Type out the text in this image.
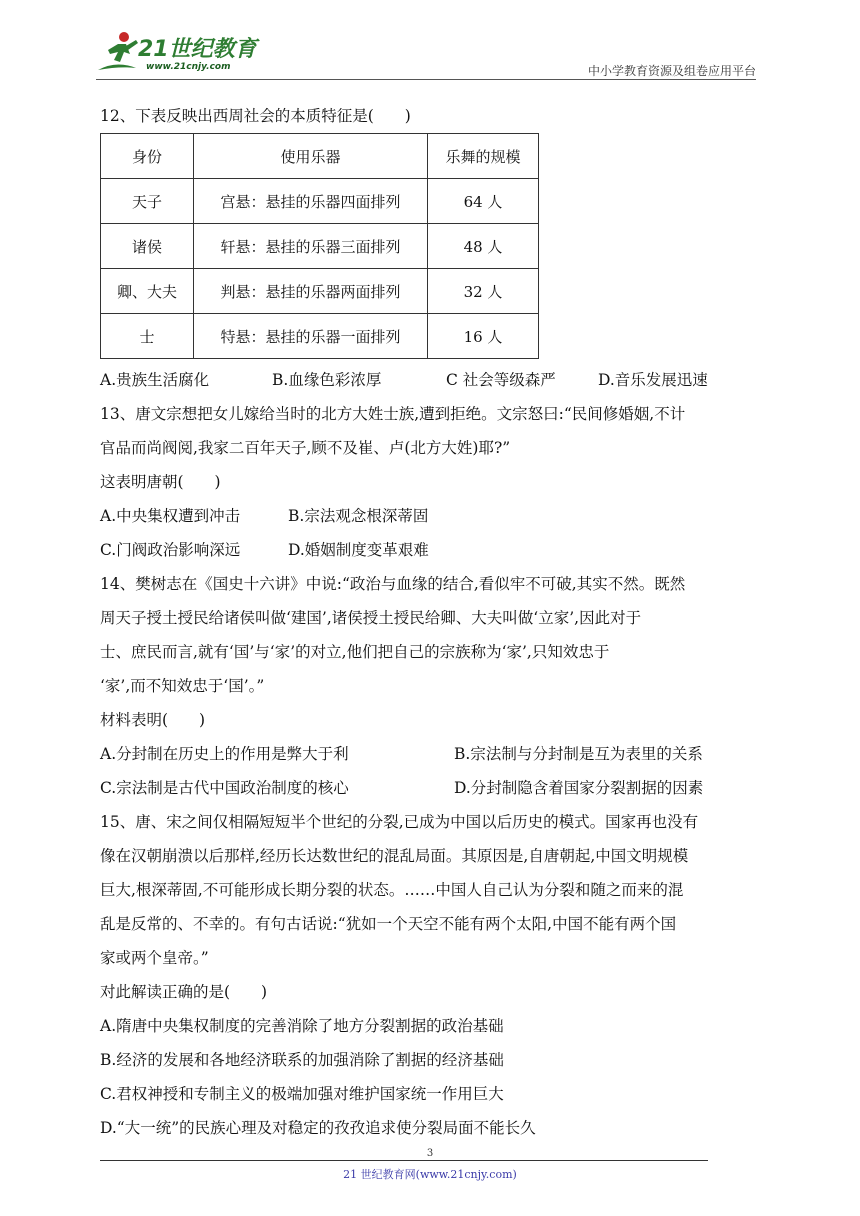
21世纪教育
www.21cnjy.com	中小学教育资源及组卷应用平台
12、下表反映出西周社会的本质特征是(　　)
身份	使用乐器	乐舞的规模
天子	宫悬：悬挂的乐器四面排列	64 人
诸侯	轩悬：悬挂的乐器三面排列	48 人
卿、大夫	判悬：悬挂的乐器两面排列	32 人
士	特悬：悬挂的乐器一面排列	16 人
A.贵族生活腐化	B.血缘色彩浓厚	C 社会等级森严	D.音乐发展迅速
13、唐文宗想把女儿嫁给当时的北方大姓士族,遭到拒绝。文宗怒曰:“民间修婚姻,不计
官品而尚阀阅,我家二百年天子,顾不及崔、卢(北方大姓)耶?”
这表明唐朝(　　)
A.中央集权遭到冲击	B.宗法观念根深蒂固
C.门阀政治影响深远	D.婚姻制度变革艰难
14、樊树志在《国史十六讲》中说:“政治与血缘的结合,看似牢不可破,其实不然。既然
周天子授土授民给诸侯叫做‘建国’,诸侯授土授民给卿、大夫叫做‘立家’,因此对于
士、庶民而言,就有‘国’与‘家’的对立,他们把自己的宗族称为‘家’,只知效忠于
‘家’,而不知效忠于‘国’。”
材料表明(　　)
A.分封制在历史上的作用是弊大于利	B.宗法制与分封制是互为表里的关系
C.宗法制是古代中国政治制度的核心	D.分封制隐含着国家分裂割据的因素
15、唐、宋之间仅相隔短短半个世纪的分裂,已成为中国以后历史的模式。国家再也没有
像在汉朝崩溃以后那样,经历长达数世纪的混乱局面。其原因是,自唐朝起,中国文明规模
巨大,根深蒂固,不可能形成长期分裂的状态。……中国人自己认为分裂和随之而来的混
乱是反常的、不幸的。有句古话说:“犹如一个天空不能有两个太阳,中国不能有两个国
家或两个皇帝。”
对此解读正确的是(　　)
A.隋唐中央集权制度的完善消除了地方分裂割据的政治基础
B.经济的发展和各地经济联系的加强消除了割据的经济基础
C.君权神授和专制主义的极端加强对维护国家统一作用巨大
D.“大一统”的民族心理及对稳定的孜孜追求使分裂局面不能长久
3
21 世纪教育网(www.21cnjy.com)
